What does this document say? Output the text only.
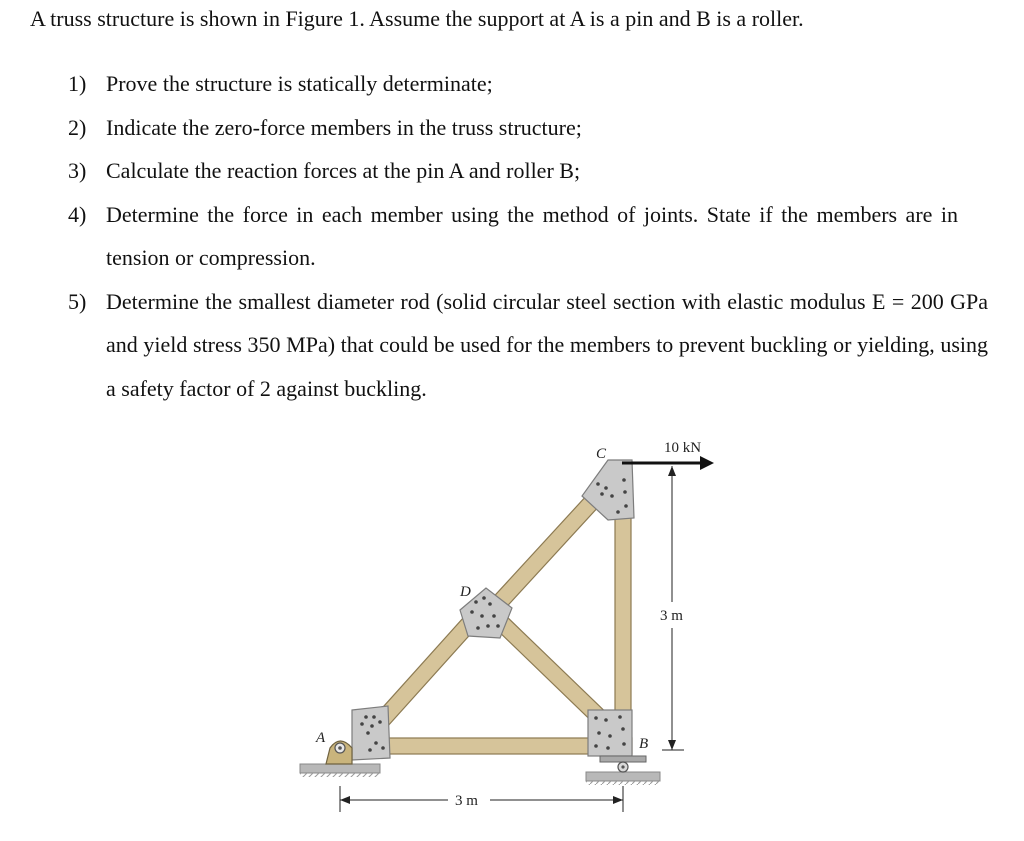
A truss structure is shown in Figure 1. Assume the support at A is a pin and B is a roller.
1) Prove the structure is statically determinate;
2) Indicate the zero-force members in the truss structure;
3) Calculate the reaction forces at the pin A and roller B;
4) Determine the force in each member using the method of joints. State if the members are in tension or compression.
5) Determine the smallest diameter rod (solid circular steel section with elastic modulus E = 200 GPa and yield stress 350 MPa) that could be used for the members to prevent buckling or yielding, using a safety factor of 2 against buckling.
A	B
C
D
10 kN
3 m
3 m
